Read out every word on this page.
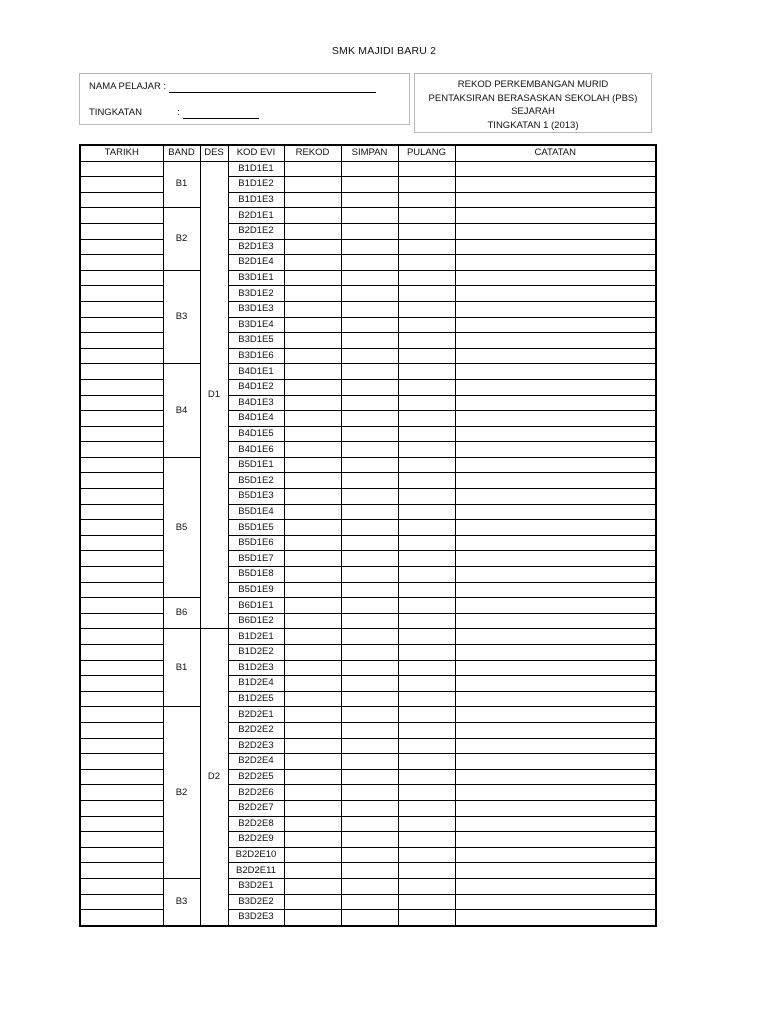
SMK MAJIDI BARU 2
NAMA PELAJAR :
TINGKATAN	:
REKOD PERKEMBANGAN MURID
PENTAKSIRAN BERASASKAN SEKOLAH (PBS)
SEJARAH
TINGKATAN 1 (2013)
TARIKH	BAND	DES	KOD EVI	REKOD	SIMPAN	PULANG	CATATAN
	B1	D1	B1D1E1				
			B1D1E2				
			B1D1E3				
	B2		B2D1E1				
			B2D1E2				
			B2D1E3				
			B2D1E4				
	B3		B3D1E1				
			B3D1E2				
			B3D1E3				
			B3D1E4				
			B3D1E5				
			B3D1E6				
	B4		B4D1E1				
			B4D1E2				
			B4D1E3				
			B4D1E4				
			B4D1E5				
			B4D1E6				
	B5		B5D1E1				
			B5D1E2				
			B5D1E3				
			B5D1E4				
			B5D1E5				
			B5D1E6				
			B5D1E7				
			B5D1E8				
			B5D1E9				
	B6		B6D1E1				
			B6D1E2				
	B1	D2	B1D2E1				
			B1D2E2				
			B1D2E3				
			B1D2E4				
			B1D2E5				
	B2		B2D2E1				
			B2D2E2				
			B2D2E3				
			B2D2E4				
			B2D2E5				
			B2D2E6				
			B2D2E7				
			B2D2E8				
			B2D2E9				
			B2D2E10				
			B2D2E11				
	B3		B3D2E1				
			B3D2E2				
			B3D2E3				
